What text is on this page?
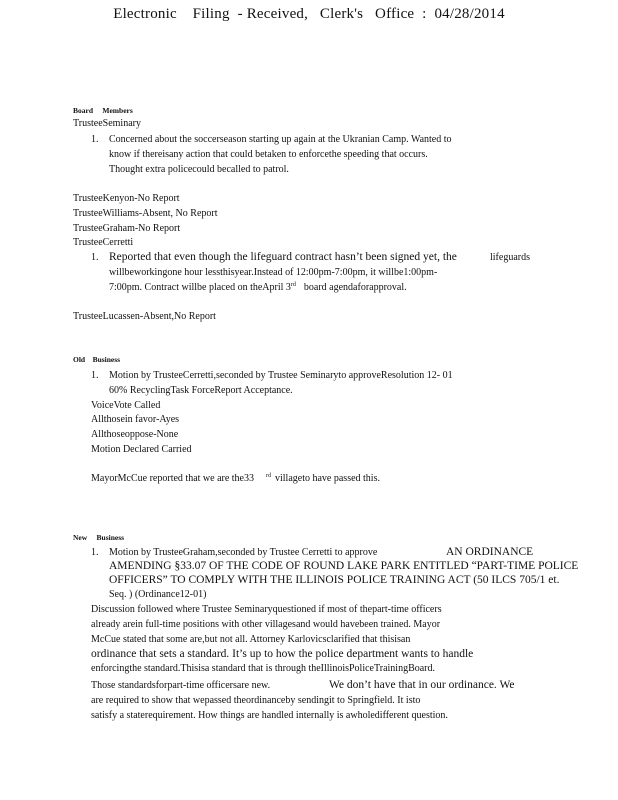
Electronic    Filing  - Received,   Clerk's   Office  :  04/28/2014
Board     Members
TrusteeSeminary
1. Concerned about the soccerseason starting up again at the Ukranian Camp. Wanted to
know if thereisany action that could betaken to enforcethe speeding that occurs.
Thought extra policecould becalled to patrol.
TrusteeKenyon-No Report
TrusteeWilliams-Absent, No Report
TrusteeGraham-No Report
TrusteeCerretti
1. Reported that even though the lifeguard contract hasn’t been signed yet, the	lifeguards
willbeworkingone hour lessthisyear.Instead of 12:00pm-7:00pm, it willbe1:00pm-
7:00pm. Contract willbe placed on theApril 3rd board agendaforapproval.
TrusteeLucassen-Absent,No Report
Old    Business
1. Motion by TrusteeCerretti,seconded by Trustee Seminaryto approveResolution 12- 01
60% RecyclingTask ForceReport Acceptance.
VoiceVote Called
Allthosein favor-Ayes
Allthoseoppose-None
Motion Declared Carried
MayorMcCue reported that we are the33 $^{rd}$ villageto have passed this.
New     Business
1. Motion by TrusteeGraham,seconded by Trustee Cerretti to approve	AN ORDINANCE
AMENDING §33.07 OF THE CODE OF ROUND LAKE PARK ENTITLED “PART-TIME POLICE
OFFICERS” TO COMPLY WITH THE ILLINOIS POLICE TRAINING ACT (50 ILCS 705/1 et.
Seq. ) (Ordinance12-01)
Discussion followed where Trustee Seminaryquestioned if most of thepart-time officers
already arein full-time positions with other villagesand would havebeen trained. Mayor
McCue stated that some are,but not all. Attorney Karlovicsclarified that thisisan
ordinance that sets a standard. It’s up to how the police department wants to handle
enforcingthe standard.Thisisa standard that is through theIllinoisPoliceTrainingBoard.
Those standardsforpart-time officersare new.	We don’t have that in our ordinance. We
are required to show that wepassed theordinanceby sendingit to Springfield. It isto
satisfy a staterequirement. How things are handled internally is awholedifferent question.
